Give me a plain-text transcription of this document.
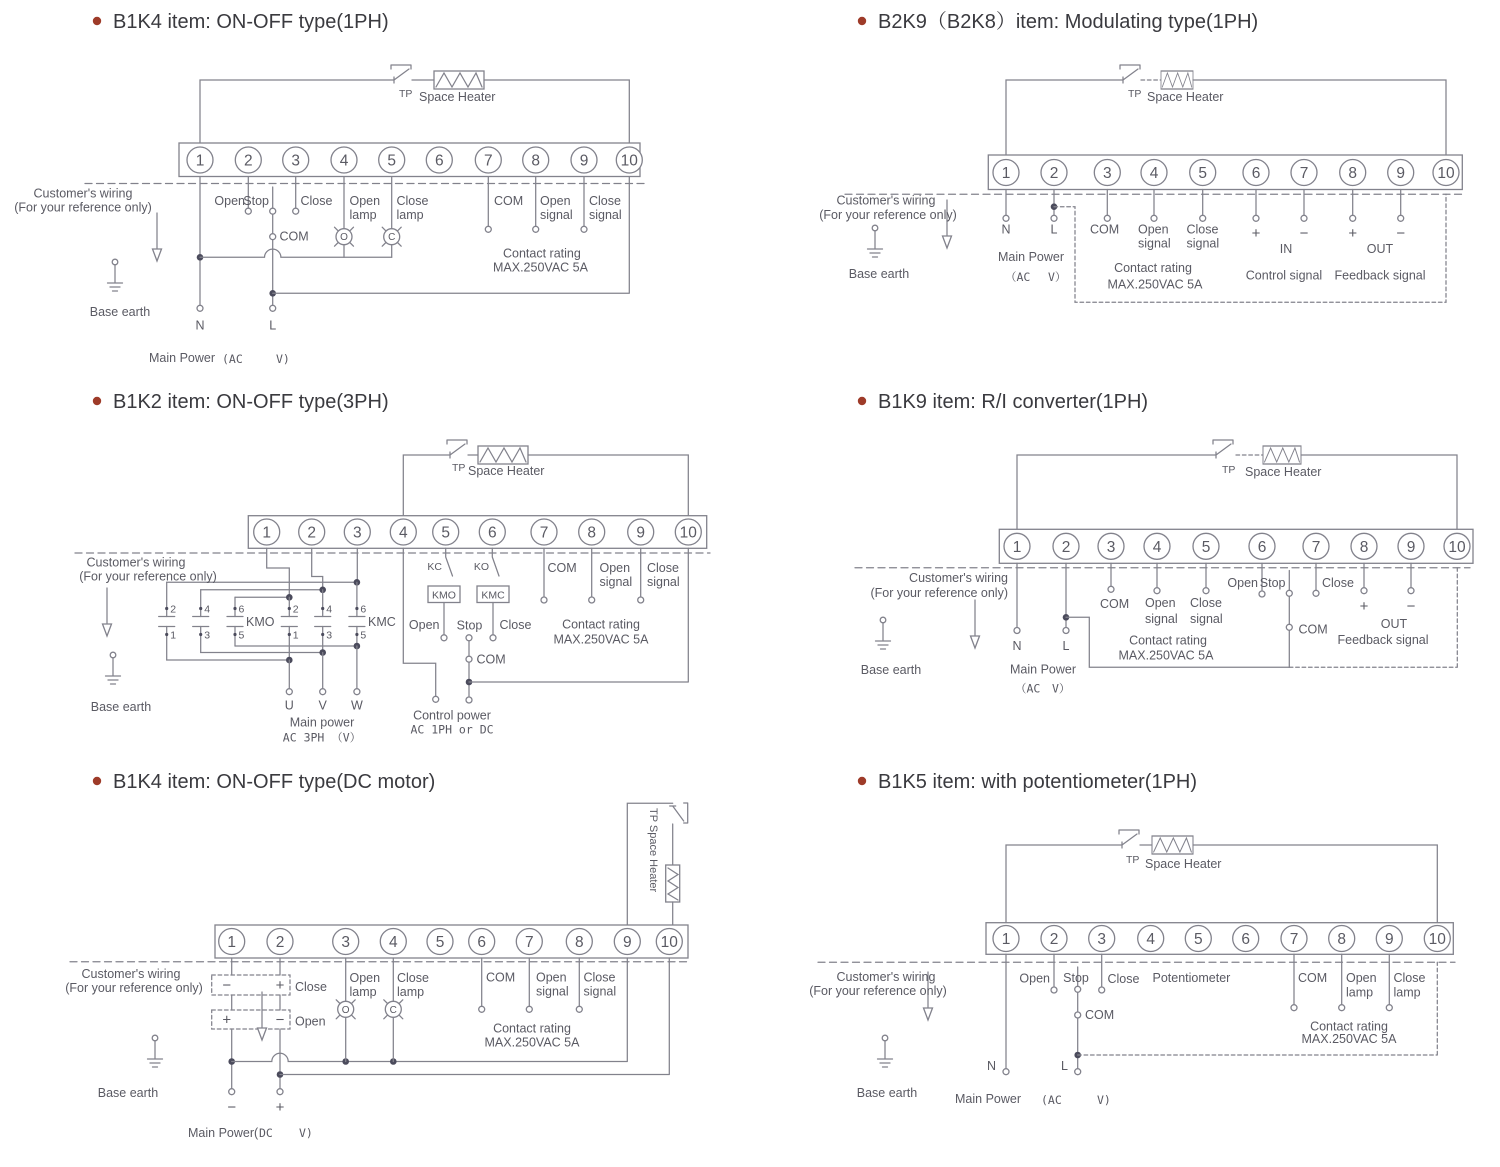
B1K4 item: ON-OFF type(1PH)
TP Space Heater
1	2	3	4	5	6	7	8	9 10
Customer's wiring
(For your reference only)
Base earth
Open
Stop	Close
COM
Open
lamp
Close
lamp
O	C
COM Open
signal
Close
signal
Contact rating
MAX.250VAC 5A
N	L
Main Power (AC	V)
B2K9（B2K8）item: Modulating type(1PH)
TP Space Heater
1	2	3 4	5	6	7	8	9 10
Customer's wiring
(For your reference only)
Base earth
N	L	COM Open
signal
Close
signal
+	−	+	−
IN	OUT
Control signal Feedback signal
Contact rating
MAX.250VAC 5A
Main Power
（AC V）
B1K2 item: ON-OFF type(3PH)
TP Space Heater
1 2 3 4 5 6	7	8	9 10
2	4	6	2	4	6
1	3	5	1	3	5
KMO	KMC
KMO KMC
Customer's wiring
(For your reference only)
Base earth
KC	KO
Open Stop Close
COM
COM Open
signal
Close
signal
Contact rating
MAX.250VAC 5A
U V W
Main power
AC 3PH （V）
Control power
AC 1PH or DC
B1K9 item: R/I converter(1PH)
TP Space Heater
1	2 3 4	5	6	7	8 9 10
Customer's wiring
(For your reference only)
Base earth
N	L
COM Open
signal
Close
signal
Open Stop	Close
COM
+	−
OUT
Feedback signal
Contact rating
MAX.250VAC 5A
Main Power
（AC V）
B1K4 item: ON-OFF type(DC motor)
TP Space Heater
1	2	3	4 5 6	7	8	9 10
Customer's wiring
(For your reference only)
Base earth
−	+ Close
+	− Open
Open
lamp
Close
lamp
O	C
COM Open
signal
Close
signal
Contact rating
MAX.250VAC 5A
−	+
Main Power( DC V)
B1K5 item: with potentiometer(1PH)
TP Space Heater
1	2	3	4	5	6	7	8	9 10
Customer's wiring
(For your reference only)
Base earth
Open Stop Close
COM
Potentiometer	COM Open
lamp
Close
lamp
Contact rating
MAX.250VAC 5A
N	L
Main Power (AC	V)
